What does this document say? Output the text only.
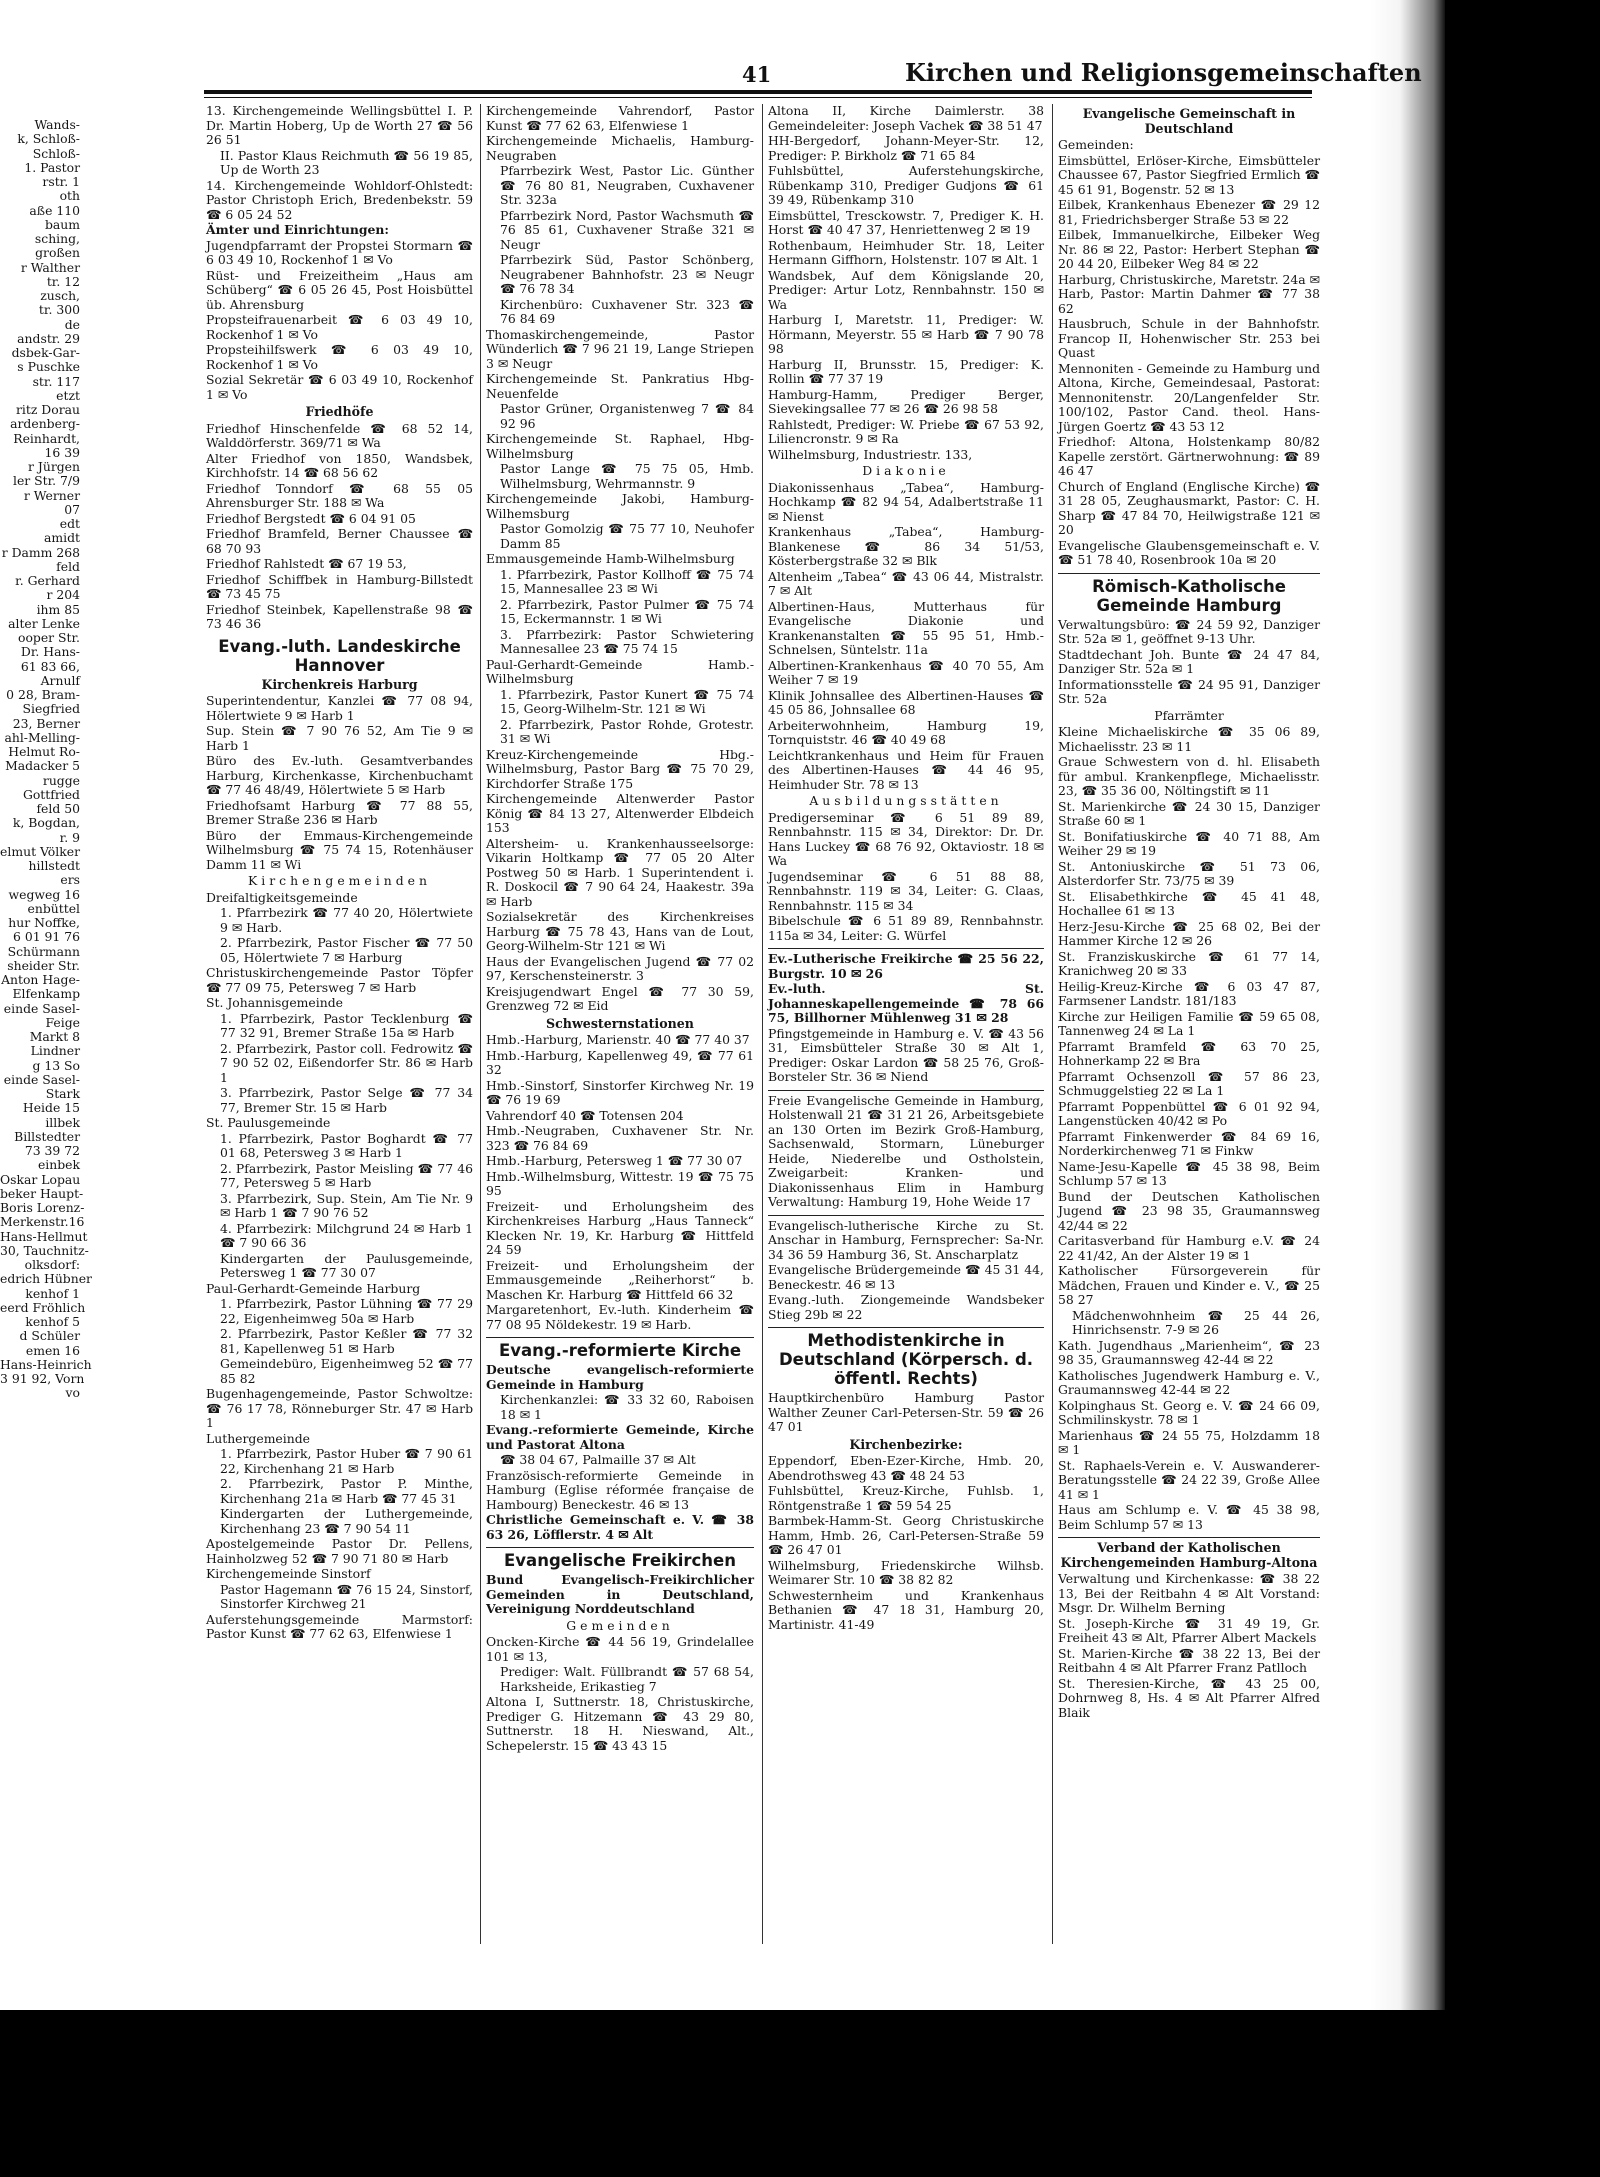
Wands-
k, Schloß-
Schloß-
1. Pastor
rstr. 1
oth
aße 110
baum
sching,
großen
r Walther
tr. 12
zusch,
tr. 300
de
andstr. 29
dsbek-Gar-
s Puschke
str. 117
etzt
ritz Dorau
ardenberg-
Reinhardt,
16 39
r Jürgen
ler Str. 7/9
r Werner
07
edt
amidt
r Damm 268
feld
r. Gerhard
r 204
ihm 85
alter Lenke
ooper Str.
Dr. Hans-
61 83 66,
Arnulf
0 28, Bram-
Siegfried
23, Berner
ahl-Melling-
Helmut Ro-
Madacker 5
rugge
Gottfried
feld 50
k, Bogdan,
r. 9
elmut Völker
hillstedt
ers
wegweg 16
enbüttel
hur Noffke,
6 01 91 76
Schürmann
sheider Str.
Anton Hage-
Elfenkamp
einde Sasel-
Feige
Markt 8
Lindner
g 13 So
einde Sasel-
Stark
Heide 15
illbek
Billstedter
73 39 72
einbek
Oskar Lopau
beker Haupt-
Boris Lorenz-
Merkenstr.16
Hans-Hellmut
30, Tauchnitz-
olksdorf:
edrich Hübner
kenhof 1
eerd Fröhlich
kenhof 5
d Schüler
emen 16
Hans-Heinrich
3 91 92, Vorn
vo
41	Kirchen und Religionsgemeinschaften
13. Kirchengemeinde Wellingsbüttel I. P. Dr. Martin Hoberg, Up de Worth 27 ☎ 56 26 51
II. Pastor Klaus Reichmuth ☎ 56 19 85, Up de Worth 23
14. Kirchengemeinde Wohldorf-Ohlstedt: Pastor Christoph Erich, Bredenbekstr. 59 ☎ 6 05 24 52
Ämter und Einrichtungen:
Jugendpfarramt der Propstei Stormarn ☎ 6 03 49 10, Rockenhof 1 ✉ Vo
Rüst- und Freizeitheim „Haus am Schüberg“ ☎ 6 05 26 45, Post Hoisbüttel üb. Ahrensburg
Propsteifrauenarbeit ☎ 6 03 49 10, Rockenhof 1 ✉ Vo
Propsteihilfswerk ☎ 6 03 49 10, Rockenhof 1 ✉ Vo
Sozial Sekretär ☎ 6 03 49 10, Rockenhof 1 ✉ Vo
Friedhöfe
Friedhof Hinschenfelde ☎ 68 52 14, Walddörferstr. 369/71 ✉ Wa
Alter Friedhof von 1850, Wandsbek, Kirchhofstr. 14 ☎ 68 56 62
Friedhof Tonndorf ☎ 68 55 05 Ahrensburger Str. 188 ✉ Wa
Friedhof Bergstedt ☎ 6 04 91 05
Friedhof Bramfeld, Berner Chaussee ☎ 68 70 93
Friedhof Rahlstedt ☎ 67 19 53,
Friedhof Schiffbek in Hamburg-Billstedt ☎ 73 45 75
Friedhof Steinbek, Kapellenstraße 98 ☎ 73 46 36
Evang.-luth. Landeskirche Hannover
Kirchenkreis Harburg
Superintendentur, Kanzlei ☎ 77 08 94, Hölertwiete 9 ✉ Harb 1
Sup. Stein ☎ 7 90 76 52, Am Tie 9 ✉ Harb 1
Büro des Ev.-luth. Gesamtverbandes Harburg, Kirchenkasse, Kirchenbuchamt ☎ 77 46 48/49, Hölertwiete 5 ✉ Harb
Friedhofsamt Harburg ☎ 77 88 55, Bremer Straße 236 ✉ Harb
Büro der Emmaus-Kirchengemeinde Wilhelmsburg ☎ 75 74 15, Rotenhäuser Damm 11 ✉ Wi
Kirchengemeinden
Dreifaltigkeitsgemeinde
1. Pfarrbezirk ☎ 77 40 20, Hölertwiete 9 ✉ Harb.
2. Pfarrbezirk, Pastor Fischer ☎ 77 50 05, Hölertwiete 7 ✉ Harburg
Christuskirchengemeinde Pastor Töpfer ☎ 77 09 75, Petersweg 7 ✉ Harb
St. Johannisgemeinde
1. Pfarrbezirk, Pastor Tecklenburg ☎ 77 32 91, Bremer Straße 15a ✉ Harb
2. Pfarrbezirk, Pastor coll. Fedrowitz ☎ 7 90 52 02, Eißendorfer Str. 86 ✉ Harb 1
3. Pfarrbezirk, Pastor Selge ☎ 77 34 77, Bremer Str. 15 ✉ Harb
St. Paulusgemeinde
1. Pfarrbezirk, Pastor Boghardt ☎ 77 01 68, Petersweg 3 ✉ Harb 1
2. Pfarrbezirk, Pastor Meisling ☎ 77 46 77, Petersweg 5 ✉ Harb
3. Pfarrbezirk, Sup. Stein, Am Tie Nr. 9 ✉ Harb 1 ☎ 7 90 76 52
4. Pfarrbezirk: Milchgrund 24 ✉ Harb 1 ☎ 7 90 66 36
Kindergarten der Paulusgemeinde, Petersweg 1 ☎ 77 30 07
Paul-Gerhardt-Gemeinde Harburg
1. Pfarrbezirk, Pastor Lühning ☎ 77 29 22, Eigenheimweg 50a ✉ Harb
2. Pfarrbezirk, Pastor Keßler ☎ 77 32 81, Kapellenweg 51 ✉ Harb
Gemeindebüro, Eigenheimweg 52 ☎ 77 85 82
Bugenhagengemeinde, Pastor Schwoltze: ☎ 76 17 78, Rönneburger Str. 47 ✉ Harb 1
Luthergemeinde
1. Pfarrbezirk, Pastor Huber ☎ 7 90 61 22, Kirchenhang 21 ✉ Harb
2. Pfarrbezirk, Pastor P. Minthe, Kirchenhang 21a ✉ Harb ☎ 77 45 31
Kindergarten der Luthergemeinde, Kirchenhang 23 ☎ 7 90 54 11
Apostelgemeinde Pastor Dr. Pellens, Hainholzweg 52 ☎ 7 90 71 80 ✉ Harb
Kirchengemeinde Sinstorf
Pastor Hagemann ☎ 76 15 24, Sinstorf, Sinstorfer Kirchweg 21
Auferstehungsgemeinde Marmstorf: Pastor Kunst ☎ 77 62 63, Elfenwiese 1
Kirchengemeinde Vahrendorf, Pastor Kunst ☎ 77 62 63, Elfenwiese 1
Kirchengemeinde Michaelis, Hamburg-Neugraben
Pfarrbezirk West, Pastor Lic. Günther ☎ 76 80 81, Neugraben, Cuxhavener Str. 323a
Pfarrbezirk Nord, Pastor Wachsmuth ☎ 76 85 61, Cuxhavener Straße 321 ✉ Neugr
Pfarrbezirk Süd, Pastor Schönberg, Neugrabener Bahnhofstr. 23 ✉ Neugr ☎ 76 78 34
Kirchenbüro: Cuxhavener Str. 323 ☎ 76 84 69
Thomaskirchengemeinde, Pastor Wünderlich ☎ 7 96 21 19, Lange Striepen 3 ✉ Neugr
Kirchengemeinde St. Pankratius Hbg-Neuenfelde
Pastor Grüner, Organistenweg 7 ☎ 84 92 96
Kirchengemeinde St. Raphael, Hbg-Wilhelmsburg
Pastor Lange ☎ 75 75 05, Hmb. Wilhelmsburg, Wehrmannstr. 9
Kirchengemeinde Jakobi, Hamburg-Wilhemsburg
Pastor Gomolzig ☎ 75 77 10, Neuhofer Damm 85
Emmausgemeinde Hamb-Wilhelmsburg
1. Pfarrbezirk, Pastor Kollhoff ☎ 75 74 15, Mannesallee 23 ✉ Wi
2. Pfarrbezirk, Pastor Pulmer ☎ 75 74 15, Eckermannstr. 1 ✉ Wi
3. Pfarrbezirk: Pastor Schwietering Mannesallee 23 ☎ 75 74 15
Paul-Gerhardt-Gemeinde Hamb.-Wilhelmsburg
1. Pfarrbezirk, Pastor Kunert ☎ 75 74 15, Georg-Wilhelm-Str. 121 ✉ Wi
2. Pfarrbezirk, Pastor Rohde, Grotestr. 31 ✉ Wi
Kreuz-Kirchengemeinde Hbg.-Wilhelmsburg, Pastor Barg ☎ 75 70 29, Kirchdorfer Straße 175
Kirchengemeinde Altenwerder Pastor König ☎ 84 13 27, Altenwerder Elbdeich 153
Altersheim- u. Krankenhausseelsorge: Vikarin Holtkamp ☎ 77 05 20 Alter Postweg 50 ✉ Harb. 1 Superintendent i. R. Doskocil ☎ 7 90 64 24, Haakestr. 39a ✉ Harb
Sozialsekretär des Kirchenkreises Harburg ☎ 75 78 43, Hans van de Lout, Georg-Wilhelm-Str 121 ✉ Wi
Haus der Evangelischen Jugend ☎ 77 02 97, Kerschensteinerstr. 3
Kreisjugendwart Engel ☎ 77 30 59, Grenzweg 72 ✉ Eid
Schwesternstationen
Hmb.-Harburg, Marienstr. 40 ☎ 77 40 37
Hmb.-Harburg, Kapellenweg 49, ☎ 77 61 32
Hmb.-Sinstorf, Sinstorfer Kirchweg Nr. 19 ☎ 76 19 69
Vahrendorf 40 ☎ Totensen 204
Hmb.-Neugraben, Cuxhavener Str. Nr. 323 ☎ 76 84 69
Hmb.-Harburg, Petersweg 1 ☎ 77 30 07
Hmb.-Wilhelmsburg, Wittestr. 19 ☎ 75 75 95
Freizeit- und Erholungsheim des Kirchenkreises Harburg „Haus Tanneck“ Klecken Nr. 19, Kr. Harburg ☎ Hittfeld 24 59
Freizeit- und Erholungsheim der Emmausgemeinde „Reiherhorst“ b. Maschen Kr. Harburg ☎ Hittfeld 66 32
Margaretenhort, Ev.-luth. Kinderheim ☎ 77 08 95 Nöldekestr. 19 ✉ Harb.
Evang.-reformierte Kirche
Deutsche evangelisch-reformierte Gemeinde in Hamburg
Kirchenkanzlei: ☎ 33 32 60, Raboisen 18 ✉ 1
Evang.-reformierte Gemeinde, Kirche und Pastorat Altona
☎ 38 04 67, Palmaille 37 ✉ Alt
Französisch-reformierte Gemeinde in Hamburg (Eglise réformée française de Hambourg) Beneckestr. 46 ✉ 13
Christliche Gemeinschaft e. V. ☎ 38 63 26, Löfflerstr. 4 ✉ Alt
Evangelische Freikirchen
Bund Evangelisch-Freikirchlicher Gemeinden in Deutschland, Vereinigung Norddeutschland
Gemeinden
Oncken-Kirche ☎ 44 56 19, Grindelallee 101 ✉ 13,
Prediger: Walt. Füllbrandt ☎ 57 68 54, Harksheide, Erikastieg 7
Altona I, Suttnerstr. 18, Christuskirche, Prediger G. Hitzemann ☎ 43 29 80, Suttnerstr. 18 H. Nieswand, Alt., Schepelerstr. 15 ☎ 43 43 15
Altona II, Kirche Daimlerstr. 38 Gemeindeleiter: Joseph Vachek ☎ 38 51 47
HH-Bergedorf, Johann-Meyer-Str. 12, Prediger: P. Birkholz ☎ 71 65 84
Fuhlsbüttel, Auferstehungskirche, Rübenkamp 310, Prediger Gudjons ☎ 61 39 49, Rübenkamp 310
Eimsbüttel, Tresckowstr. 7, Prediger K. H. Horst ☎ 40 47 37, Henriettenweg 2 ✉ 19
Rothenbaum, Heimhuder Str. 18, Leiter Hermann Giffhorn, Holstenstr. 107 ✉ Alt. 1
Wandsbek, Auf dem Königslande 20, Prediger: Artur Lotz, Rennbahnstr. 150 ✉ Wa
Harburg I, Maretstr. 11, Prediger: W. Hörmann, Meyerstr. 55 ✉ Harb ☎ 7 90 78 98
Harburg II, Brunsstr. 15, Prediger: K. Rollin ☎ 77 37 19
Hamburg-Hamm, Prediger Berger, Sievekingsallee 77 ✉ 26 ☎ 26 98 58
Rahlstedt, Prediger: W. Priebe ☎ 67 53 92, Liliencronstr. 9 ✉ Ra
Wilhelmsburg, Industriestr. 133,
Diakonie
Diakonissenhaus „Tabea“, Hamburg-Hochkamp ☎ 82 94 54, Adalbertstraße 11 ✉ Nienst
Krankenhaus „Tabea“, Hamburg-Blankenese ☎ 86 34 51/53, Kösterbergstraße 32 ✉ Blk
Altenheim „Tabea“ ☎ 43 06 44, Mistralstr. 7 ✉ Alt
Albertinen-Haus, Mutterhaus für Evangelische Diakonie und Krankenanstalten ☎ 55 95 51, Hmb.-Schnelsen, Süntelstr. 11a
Albertinen-Krankenhaus ☎ 40 70 55, Am Weiher 7 ✉ 19
Klinik Johnsallee des Albertinen-Hauses ☎ 45 05 86, Johnsallee 68
Arbeiterwohnheim, Hamburg 19, Tornquiststr. 46 ☎ 40 49 68
Leichtkrankenhaus und Heim für Frauen des Albertinen-Hauses ☎ 44 46 95, Heimhuder Str. 78 ✉ 13
Ausbildungsstätten
Predigerseminar ☎ 6 51 89 89, Rennbahnstr. 115 ✉ 34, Direktor: Dr. Dr. Hans Luckey ☎ 68 76 92, Oktaviostr. 18 ✉ Wa
Jugendseminar ☎ 6 51 88 88, Rennbahnstr. 119 ✉ 34, Leiter: G. Claas, Rennbahnstr. 115 ✉ 34
Bibelschule ☎ 6 51 89 89, Rennbahnstr. 115a ✉ 34, Leiter: G. Würfel
Ev.-Lutherische Freikirche ☎ 25 56 22, Burgstr. 10 ✉ 26
Ev.-luth. St. Johanneskapellengemeinde ☎ 78 66 75, Billhorner Mühlenweg 31 ✉ 28
Pfingstgemeinde in Hamburg e. V. ☎ 43 56 31, Eimsbütteler Straße 30 ✉ Alt 1, Prediger: Oskar Lardon ☎ 58 25 76, Groß-Borsteler Str. 36 ✉ Niend
Freie Evangelische Gemeinde in Hamburg, Holstenwall 21 ☎ 31 21 26, Arbeitsgebiete an 130 Orten im Bezirk Groß-Hamburg, Sachsenwald, Stormarn, Lüneburger Heide, Niederelbe und Ostholstein, Zweigarbeit: Kranken- und Diakonissenhaus Elim in Hamburg Verwaltung: Hamburg 19, Hohe Weide 17
Evangelisch-lutherische Kirche zu St. Anschar in Hamburg, Fernsprecher: Sa-Nr. 34 36 59 Hamburg 36, St. Anscharplatz
Evangelische Brüdergemeinde ☎ 45 31 44, Beneckestr. 46 ✉ 13
Evang.-luth. Ziongemeinde Wandsbeker Stieg 29b ✉ 22
Methodistenkirche in Deutschland (Körpersch. d. öffentl. Rechts)
Hauptkirchenbüro Hamburg Pastor Walther Zeuner Carl-Petersen-Str. 59 ☎ 26 47 01
Kirchenbezirke:
Eppendorf, Eben-Ezer-Kirche, Hmb. 20, Abendrothsweg 43 ☎ 48 24 53
Fuhlsbüttel, Kreuz-Kirche, Fuhlsb. 1, Röntgenstraße 1 ☎ 59 54 25
Barmbek-Hamm-St. Georg Christuskirche Hamm, Hmb. 26, Carl-Petersen-Straße 59 ☎ 26 47 01
Wilhelmsburg, Friedenskirche Wilhsb. Weimarer Str. 10 ☎ 38 82 82
Schwesternheim und Krankenhaus Bethanien ☎ 47 18 31, Hamburg 20, Martinistr. 41-49
Evangelische Gemeinschaft in Deutschland
Gemeinden:
Eimsbüttel, Erlöser-Kirche, Eimsbütteler Chaussee 67, Pastor Siegfried Ermlich ☎ 45 61 91, Bogenstr. 52 ✉ 13
Eilbek, Krankenhaus Ebenezer ☎ 29 12 81, Friedrichsberger Straße 53 ✉ 22
Eilbek, Immanuelkirche, Eilbeker Weg Nr. 86 ✉ 22, Pastor: Herbert Stephan ☎ 20 44 20, Eilbeker Weg 84 ✉ 22
Harburg, Christuskirche, Maretstr. 24a ✉ Harb, Pastor: Martin Dahmer ☎ 77 38 62
Hausbruch, Schule in der Bahnhofstr. Francop II, Hohenwischer Str. 253 bei Quast
Mennoniten - Gemeinde zu Hamburg und Altona, Kirche, Gemeindesaal, Pastorat: Mennonitenstr. 20/Langenfelder Str. 100/102, Pastor Cand. theol. Hans-Jürgen Goertz ☎ 43 53 12
Friedhof: Altona, Holstenkamp 80/82 Kapelle zerstört. Gärtnerwohnung: ☎ 89 46 47
Church of England (Englische Kirche) ☎ 31 28 05, Zeughausmarkt, Pastor: C. H. Sharp ☎ 47 84 70, Heilwigstraße 121 ✉ 20
Evangelische Glaubensgemeinschaft e. V. ☎ 51 78 40, Rosenbrook 10a ✉ 20
Römisch-Katholische Gemeinde Hamburg
Verwaltungsbüro: ☎ 24 59 92, Danziger Str. 52a ✉ 1, geöffnet 9-13 Uhr.
Stadtdechant Joh. Bunte ☎ 24 47 84, Danziger Str. 52a ✉ 1
Informationsstelle ☎ 24 95 91, Danziger Str. 52a
Pfarrämter
Kleine Michaeliskirche ☎ 35 06 89, Michaelisstr. 23 ✉ 11
Graue Schwestern von d. hl. Elisabeth für ambul. Krankenpflege, Michaelisstr. 23, ☎ 35 36 00, Nöltingstift ✉ 11
St. Marienkirche ☎ 24 30 15, Danziger Straße 60 ✉ 1
St. Bonifatiuskirche ☎ 40 71 88, Am Weiher 29 ✉ 19
St. Antoniuskirche ☎ 51 73 06, Alsterdorfer Str. 73/75 ✉ 39
St. Elisabethkirche ☎ 45 41 48, Hochallee 61 ✉ 13
Herz-Jesu-Kirche ☎ 25 68 02, Bei der Hammer Kirche 12 ✉ 26
St. Franziskuskirche ☎ 61 77 14, Kranichweg 20 ✉ 33
Heilig-Kreuz-Kirche ☎ 6 03 47 87, Farmsener Landstr. 181/183
Kirche zur Heiligen Familie ☎ 59 65 08, Tannenweg 24 ✉ La 1
Pfarramt Bramfeld ☎ 63 70 25, Hohnerkamp 22 ✉ Bra
Pfarramt Ochsenzoll ☎ 57 86 23, Schmuggelstieg 22 ✉ La 1
Pfarramt Poppenbüttel ☎ 6 01 92 94, Langenstücken 40/42 ✉ Po
Pfarramt Finkenwerder ☎ 84 69 16, Norderkirchenweg 71 ✉ Finkw
Name-Jesu-Kapelle ☎ 45 38 98, Beim Schlump 57 ✉ 13
Bund der Deutschen Katholischen Jugend ☎ 23 98 35, Graumannsweg 42/44 ✉ 22
Caritasverband für Hamburg e.V. ☎ 24 22 41/42, An der Alster 19 ✉ 1
Katholischer Fürsorgeverein für Mädchen, Frauen und Kinder e. V., ☎ 25 58 27
Mädchenwohnheim ☎ 25 44 26, Hinrichsenstr. 7-9 ✉ 26
Kath. Jugendhaus „Marienheim“, ☎ 23 98 35, Graumannsweg 42-44 ✉ 22
Katholisches Jugendwerk Hamburg e. V., Graumannsweg 42-44 ✉ 22
Kolpinghaus St. Georg e. V. ☎ 24 66 09, Schmilinskystr. 78 ✉ 1
Marienhaus ☎ 24 55 75, Holzdamm 18 ✉ 1
St. Raphaels-Verein e. V. Auswanderer-Beratungsstelle ☎ 24 22 39, Große Allee 41 ✉ 1
Haus am Schlump e. V. ☎ 45 38 98, Beim Schlump 57 ✉ 13
Verband der Katholischen Kirchengemeinden Hamburg-Altona
Verwaltung und Kirchenkasse: ☎ 38 22 13, Bei der Reitbahn 4 ✉ Alt Vorstand: Msgr. Dr. Wilhelm Berning
St. Joseph-Kirche ☎ 31 49 19, Gr. Freiheit 43 ✉ Alt, Pfarrer Albert Mackels
St. Marien-Kirche ☎ 38 22 13, Bei der Reitbahn 4 ✉ Alt Pfarrer Franz Patlloch
St. Theresien-Kirche, ☎ 43 25 00, Dohrnweg 8, Hs. 4 ✉ Alt Pfarrer Alfred Blaik
